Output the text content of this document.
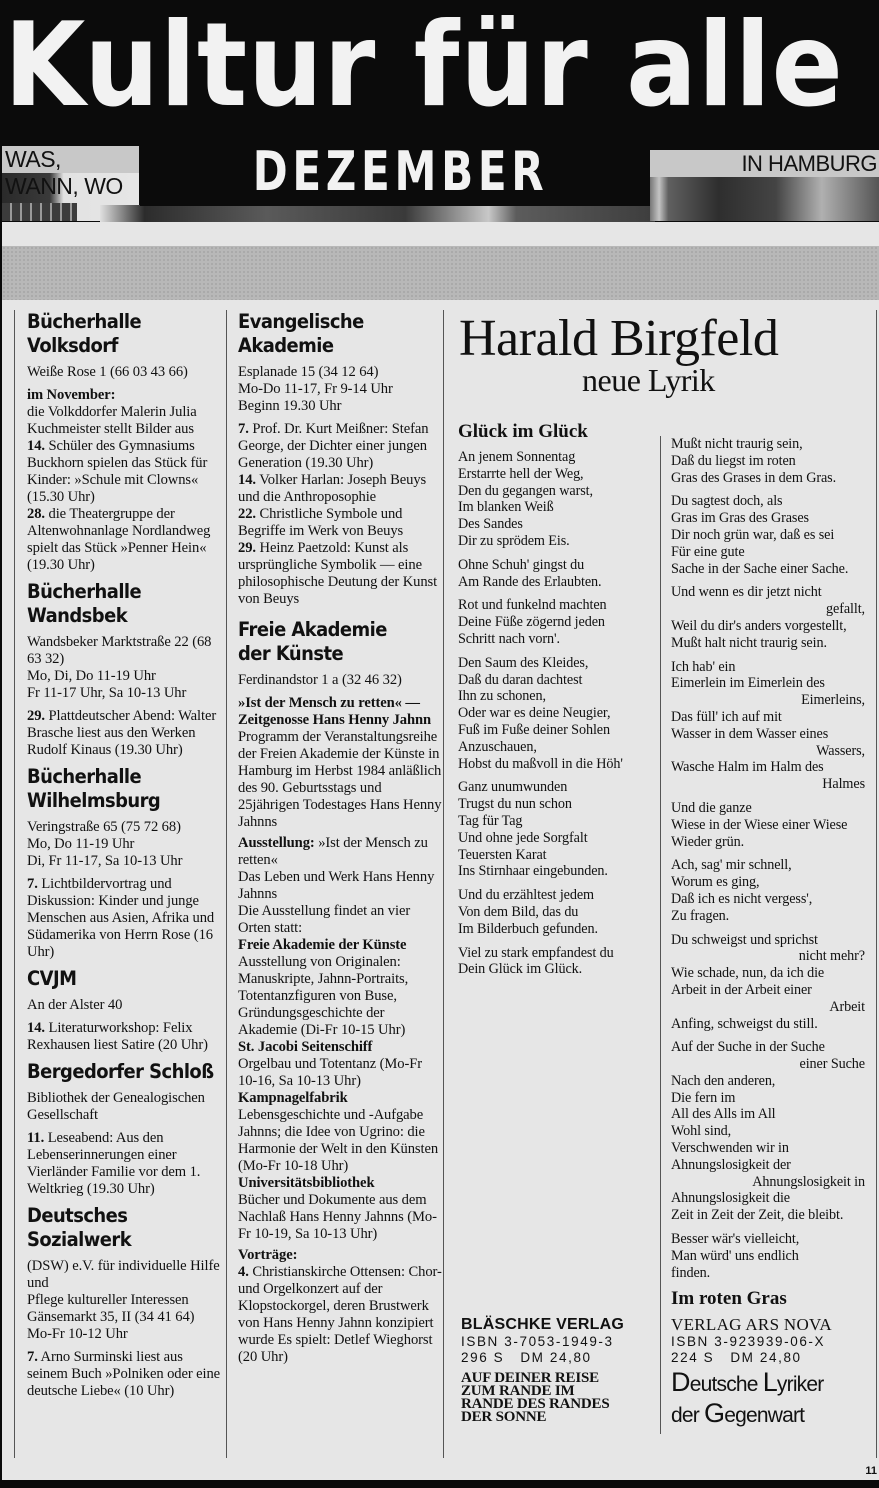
Kultur für alle
WAS, WANN, WO
IN HAMBURG
DEZEMBER
Bücherhalle
Volksdorf
Weiße Rose 1 (66 03 43 66)
im November:
die Volkddorfer Malerin Julia Kuchmeister stellt Bilder aus
14. Schüler des Gymnasiums Buckhorn spielen das Stück für Kinder: »Schule mit Clowns« (15.30 Uhr)
28. die Theatergruppe der Altenwohnanlage Nordlandweg spielt das Stück »Penner Hein« (19.30 Uhr)
Bücherhalle
Wandsbek
Wandsbeker Marktstraße 22 (68 63 32)
Mo, Di, Do 11-19 Uhr
Fr 11-17 Uhr, Sa 10-13 Uhr
29. Plattdeutscher Abend: Walter Brasche liest aus den Werken Rudolf Kinaus (19.30 Uhr)
Bücherhalle
Wilhelmsburg
Veringstraße 65 (75 72 68)
Mo, Do 11-19 Uhr
Di, Fr 11-17, Sa 10-13 Uhr
7. Lichtbildervortrag und Diskussion: Kinder und junge Menschen aus Asien, Afrika und Südamerika von Herrn Rose (16 Uhr)
CVJM
An der Alster 40
14. Literaturworkshop: Felix Rexhausen liest Satire (20 Uhr)
Bergedorfer Schloß
Bibliothek der Genealogischen Gesellschaft
11. Leseabend: Aus den Lebenserinnerungen einer Vierländer Familie vor dem 1. Weltkrieg (19.30 Uhr)
Deutsches
Sozialwerk
(DSW) e.V. für individuelle Hilfe und
Pflege kultureller Interessen
Gänsemarkt 35, II (34 41 64)
Mo-Fr 10-12 Uhr
7. Arno Surminski liest aus seinem Buch »Polniken oder eine deutsche Liebe« (10 Uhr)
Evangelische
Akademie
Esplanade 15 (34 12 64)
Mo-Do 11-17, Fr 9-14 Uhr
Beginn 19.30 Uhr
7. Prof. Dr. Kurt Meißner: Stefan George, der Dichter einer jungen Generation (19.30 Uhr)
14. Volker Harlan: Joseph Beuys und die Anthroposophie
22. Christliche Symbole und Begriffe im Werk von Beuys
29. Heinz Paetzold: Kunst als ursprüngliche Symbolik — eine philosophische Deutung der Kunst von Beuys
Freie Akademie
der Künste
Ferdinandstor 1 a (32 46 32)
»Ist der Mensch zu retten« — Zeitgenosse Hans Henny Jahnn
Programm der Veranstaltungsreihe der Freien Akademie der Künste in Hamburg im Herbst 1984 anläßlich des 90. Geburtsstags und 25jährigen Todestages Hans Henny Jahnns
Ausstellung: »Ist der Mensch zu retten«
Das Leben und Werk Hans Henny Jahnns
Die Ausstellung findet an vier Orten statt:
Freie Akademie der Künste
Ausstellung von Originalen: Manuskripte, Jahnn-Portraits, Totentanzfiguren von Buse, Gründungsgeschichte der Akademie (Di-Fr 10-15 Uhr)
St. Jacobi Seitenschiff
Orgelbau und Totentanz (Mo-Fr 10-16, Sa 10-13 Uhr)
Kampnagelfabrik
Lebensgeschichte und -Aufgabe Jahnns; die Idee von Ugrino: die Harmonie der Welt in den Künsten (Mo-Fr 10-18 Uhr)
Universitätsbibliothek
Bücher und Dokumente aus dem Nachlaß Hans Henny Jahnns (Mo-Fr 10-19, Sa 10-13 Uhr)
Vorträge:
4. Christianskirche Ottensen: Chor- und Orgelkonzert auf der Klopstockorgel, deren Brustwerk von Hans Henny Jahnn konzipiert wurde Es spielt: Detlef Wieghorst (20 Uhr)
Harald Birgfeld
neue Lyrik
Glück im Glück
An jenem Sonnentag
Erstarrte hell der Weg,
Den du gegangen warst,
Im blanken Weiß
Des Sandes
Dir zu sprödem Eis.
Ohne Schuh' gingst du
Am Rande des Erlaubten.
Rot und funkelnd machten
Deine Füße zögernd jeden
Schritt nach vorn'.
Den Saum des Kleides,
Daß du daran dachtest
Ihn zu schonen,
Oder war es deine Neugier,
Fuß im Fuße deiner Sohlen
Anzuschauen,
Hobst du maßvoll in die Höh'
Ganz unumwunden
Trugst du nun schon
Tag für Tag
Und ohne jede Sorgfalt
Teuersten Karat
Ins Stirnhaar eingebunden.
Und du erzähltest jedem
Von dem Bild, das du
Im Bilderbuch gefunden.
Viel zu stark empfandest du
Dein Glück im Glück.
Mußt nicht traurig sein,
Daß du liegst im roten
Gras des Grases in dem Gras.
Du sagtest doch, als
Gras im Gras des Grases
Dir noch grün war, daß es sei
Für eine gute
Sache in der Sache einer Sache.
Und wenn es dir jetzt nicht
gefallt,
Weil du dir's anders vorgestellt,
Mußt halt nicht traurig sein.
Ich hab' ein
Eimerlein im Eimerlein des
Eimerleins,
Das füll' ich auf mit
Wasser in dem Wasser eines
Wassers,
Wasche Halm im Halm des
Halmes
Und die ganze
Wiese in der Wiese einer Wiese
Wieder grün.
Ach, sag' mir schnell,
Worum es ging,
Daß ich es nicht vergess',
Zu fragen.
Du schweigst und sprichst
nicht mehr?
Wie schade, nun, da ich die
Arbeit in der Arbeit einer
Arbeit
Anfing, schweigst du still.
Auf der Suche in der Suche
einer Suche
Nach den anderen,
Die fern im
All des Alls im All
Wohl sind,
Verschwenden wir in
Ahnungslosigkeit der
Ahnungslosigkeit in
Ahnungslosigkeit die
Zeit in Zeit der Zeit, die bleibt.
Besser wär's vielleicht,
Man würd' uns endlich
finden.
Im roten Gras
BLÄSCHKE VERLAG
ISBN 3-7053-1949-3
296 S   DM 24,80
AUF DEINER REISE
ZUM RANDE IM
RANDE DES RANDES
DER SONNE
VERLAG ARS NOVA
ISBN 3-923939-06-X
224 S   DM 24,80
Deutsche Lyriker
der Gegenwart
11
